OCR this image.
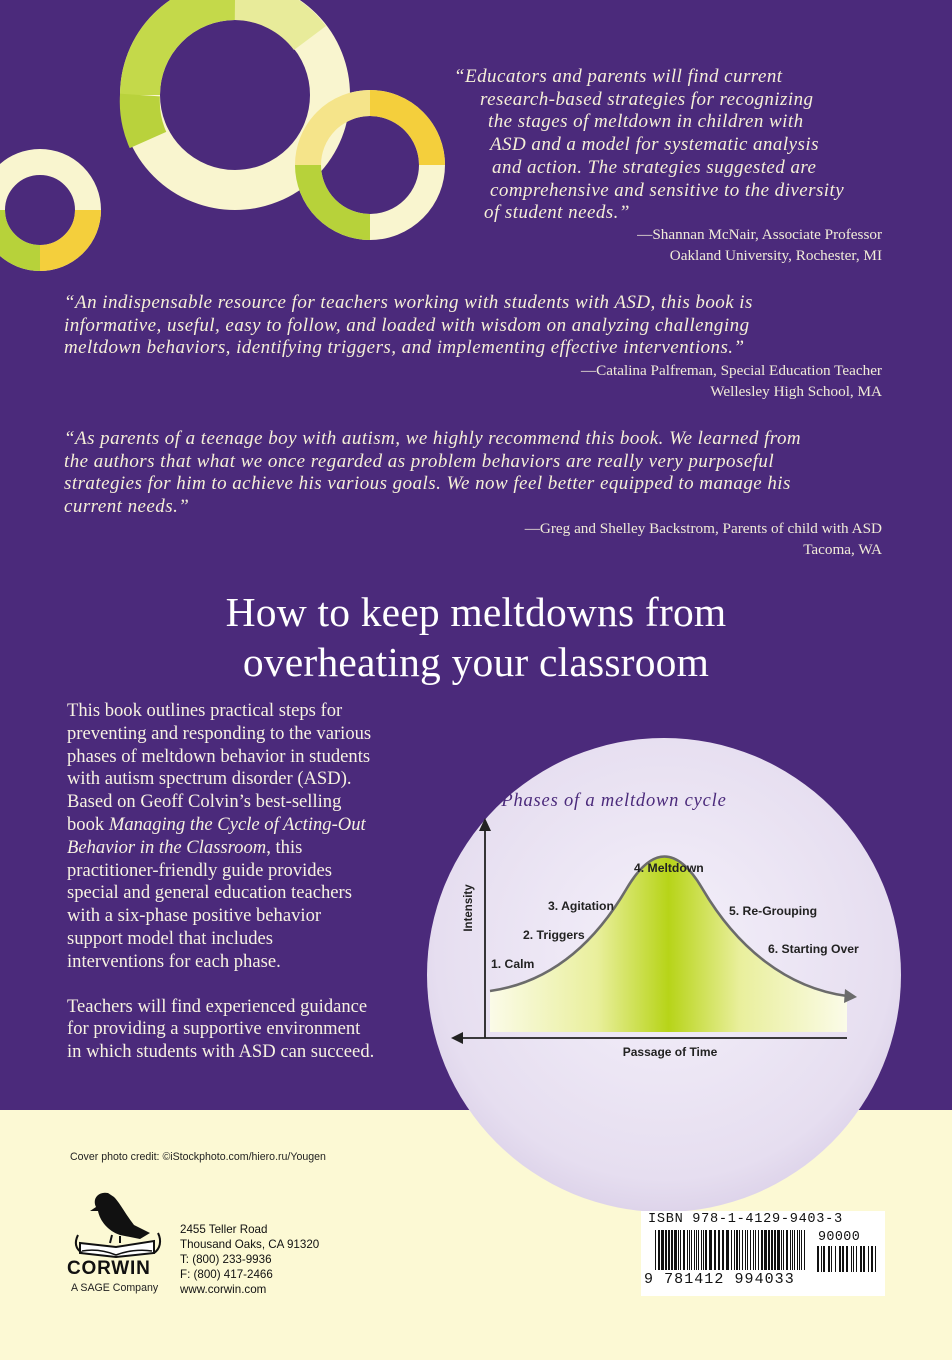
“Educators and parents will find current
research-based strategies for recognizing
the stages of meltdown in children with
ASD and a model for systematic analysis
and action. The strategies suggested are
comprehensive and sensitive to the diversity
of student needs.”
—Shannan McNair, Associate Professor
Oakland University, Rochester, MI
“An indispensable resource for teachers working with students with ASD, this book is
informative, useful, easy to follow, and loaded with wisdom on analyzing challenging
meltdown behaviors, identifying triggers, and implementing effective interventions.”
—Catalina Palfreman, Special Education Teacher
Wellesley High School, MA
“As parents of a teenage boy with autism, we highly recommend this book. We learned from
the authors that what we once regarded as problem behaviors are really very purposeful
strategies for him to achieve his various goals. We now feel better equipped to manage his
current needs.”
—Greg and Shelley Backstrom, Parents of child with ASD
Tacoma, WA
How to keep meltdowns from
overheating your classroom
This book outlines practical steps for
preventing and responding to the various
phases of meltdown behavior in students
with autism spectrum disorder (ASD).
Based on Geoff Colvin’s best-selling
book Managing the Cycle of Acting-Out
Behavior in the Classroom, this
practitioner-friendly guide provides
special and general education teachers
with a six-phase positive behavior
support model that includes
interventions for each phase.
Teachers will find experienced guidance
for providing a supportive environment
in which students with ASD can succeed.
Phases of a meltdown cycle
Intensity
Passage of Time
1. Calm
2. Triggers
3. Agitation
4. Meltdown
5. Re-Grouping
6. Starting Over
Cover photo credit: ©iStockphoto.com/hiero.ru/Yougen
CORWIN
A SAGE Company
2455 Teller Road
Thousand Oaks, CA 91320
T: (800) 233-9936
F: (800) 417-2466
www.corwin.com
ISBN 978-1-4129-9403-3
90000
9 781412 994033
